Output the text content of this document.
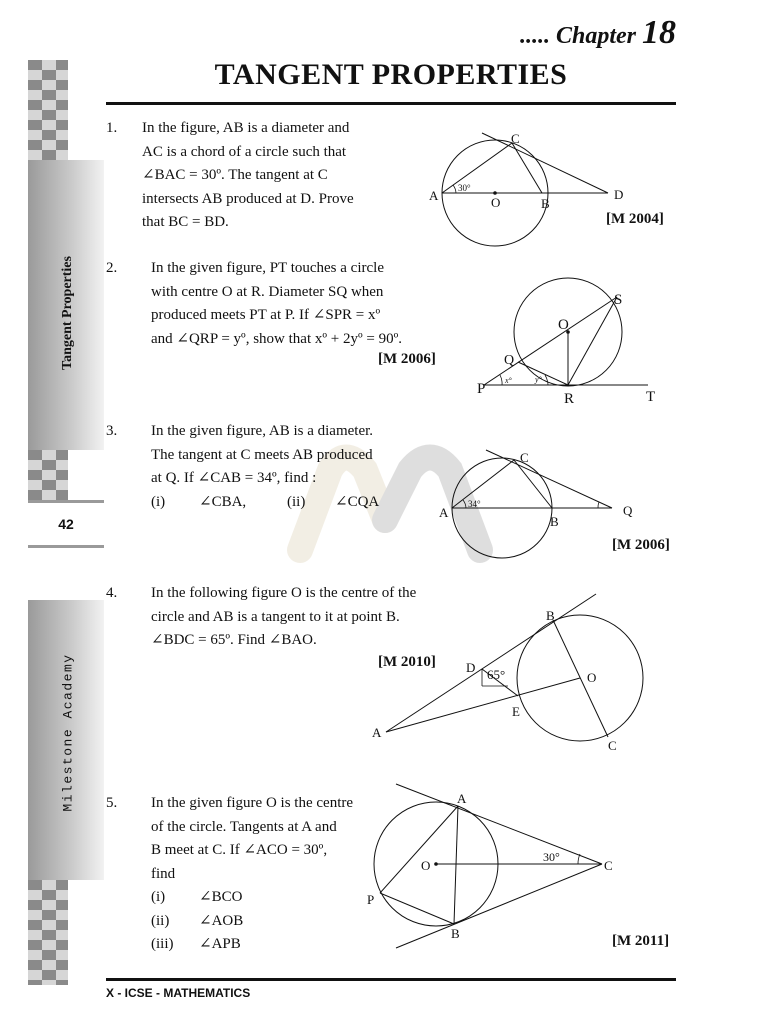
Tangent Properties
Milestone Academy
42
..... Chapter 18
TANGENT PROPERTIES
1. In the figure, AB is a diameter and
AC is a chord of a circle such that
∠BAC = 30º. The tangent at C
intersects AB produced at D. Prove
that BC = BD.	[M 2004]
30°
A
C
O	B
D
2. In the given figure, PT touches a circle
with centre O at R. Diameter SQ when
produced meets PT at P. If ∠SPR = xº
and ∠QRP = yº, show that xº + 2yº = 90º.
[M 2006]
x°	y°
O
S
Q
P
R	T
3. In the given figure, AB is a diameter.
The tangent at C meets AB produced
at Q. If ∠CAB = 34º, find :
(i) ∠CBA,	(ii) ∠CQA
[M 2006]
34°
A
C
B
Q
4. In the following figure O is the centre of the
circle and AB is a tangent to it at point B.
∠BDC = 65º. Find ∠BAO.
[M 2010]
65°
D
B
O
E
A
C
5. In the given figure O is the centre
of the circle. Tangents at A and
B meet at C. If ∠ACO = 30º,
find
(i) ∠BCO
(ii) ∠AOB
(iii) ∠APB	[M 2011]
30°
A
O	C
P
B
X - ICSE - MATHEMATICS
